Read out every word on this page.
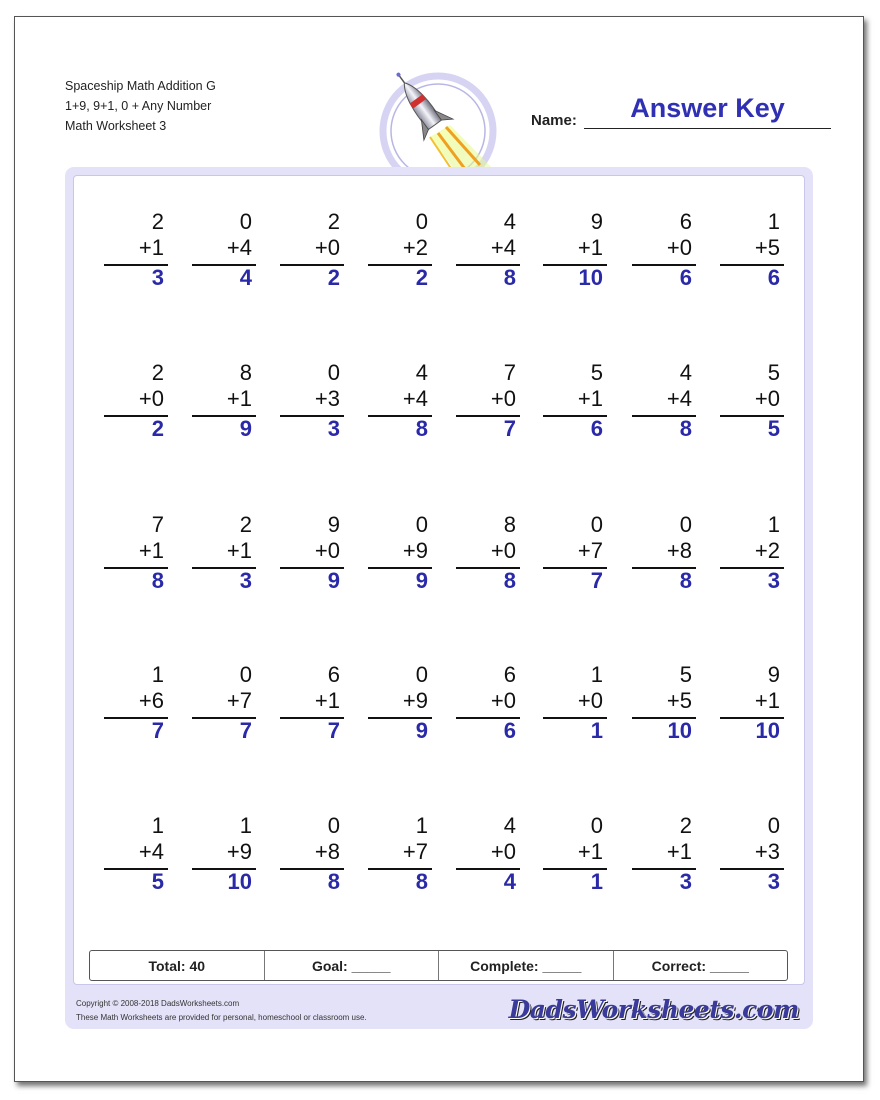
Spaceship Math Addition G
1+9, 9+1, 0 + Any Number
Math Worksheet 3	Name:	Answer Key
2
+1
3
0
+4
4
2
+0
2
0
+2
2
4
+4
8
9
+1
10
6
+0
6
1
+5
6
2
+0
2
8
+1
9
0
+3
3
4
+4
8
7
+0
7
5
+1
6
4
+4
8
5
+0
5
7
+1
8
2
+1
3
9
+0
9
0
+9
9
8
+0
8
0
+7
7
0
+8
8
1
+2
3
1
+6
7
0
+7
7
6
+1
7
0
+9
9
6
+0
6
1
+0
1
5
+5
10
9
+1
10
1
+4
5
1
+9
10
0
+8
8
1
+7
8
4
+0
4
0
+1
1
2
+1
3
0
+3
3
Total: 40	Goal: _____	Complete: _____	Correct: _____
Copyright © 2008-2018 DadsWorksheets.com
These Math Worksheets are provided for personal, homeschool or classroom use.	DadsWorksheets.com
